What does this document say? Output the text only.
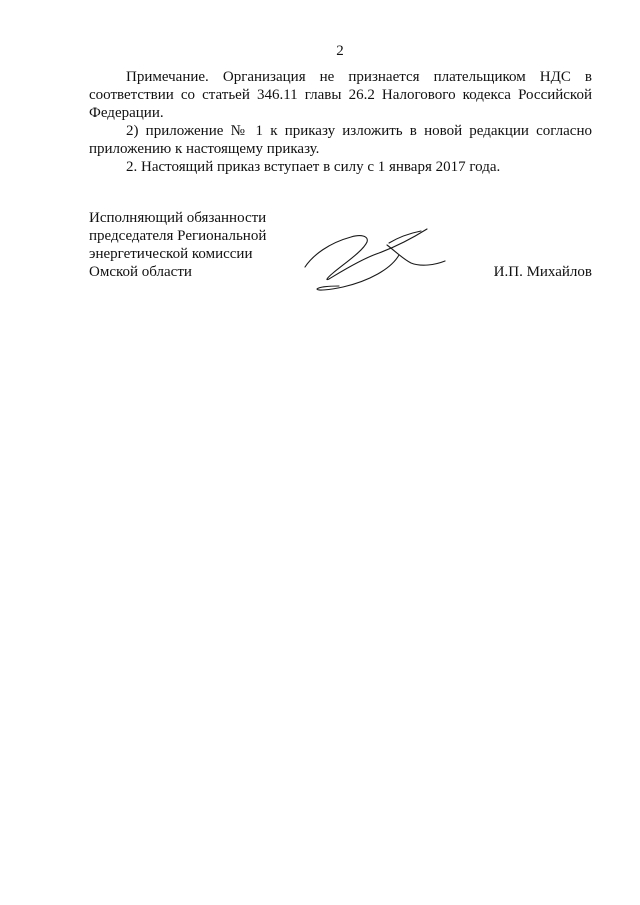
2

Примечание. Организация не признается плательщиком НДС в соответствии со статьей 346.11 главы 26.2 Налогового кодекса Российской Федерации.

2) приложение № 1 к приказу изложить в новой редакции согласно приложению к настоящему приказу.

2. Настоящий приказ вступает в силу с 1 января 2017 года.

Исполняющий обязанности
председателя Региональной
энергетической комиссии
Омской области	И.П. Михайлов
